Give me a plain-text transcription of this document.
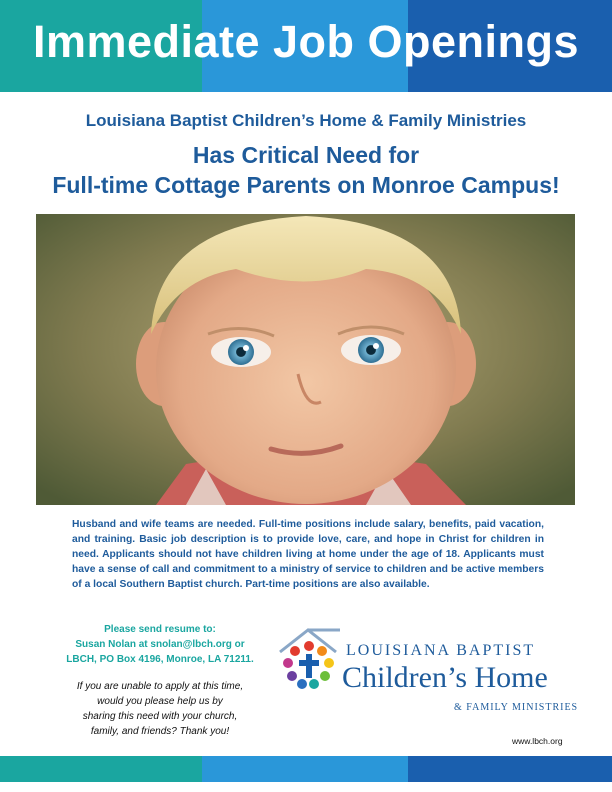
Immediate Job Openings
Louisiana Baptist Children’s Home & Family Ministries
Has Critical Need for
Full-time Cottage Parents on Monroe Campus!
Husband and wife teams are needed. Full-time positions include salary, benefits, paid vacation, and training. Basic job description is to provide love, care, and hope in Christ for children in need. Applicants should not have children living at home under the age of 18. Applicants must have a sense of call and commitment to a ministry of service to children and be active members of a local Southern Baptist church. Part-time positions are also available.
Please send resume to:
Susan Nolan at snolan@lbch.org or
LBCH, PO Box 4196, Monroe, LA 71211.
If you are unable to apply at this time,
would you please help us by
sharing this need with your church,
family, and friends? Thank you!
LOUISIANA BAPTIST
Children’s Home
& FAMILY MINISTRIES
www.lbch.org
